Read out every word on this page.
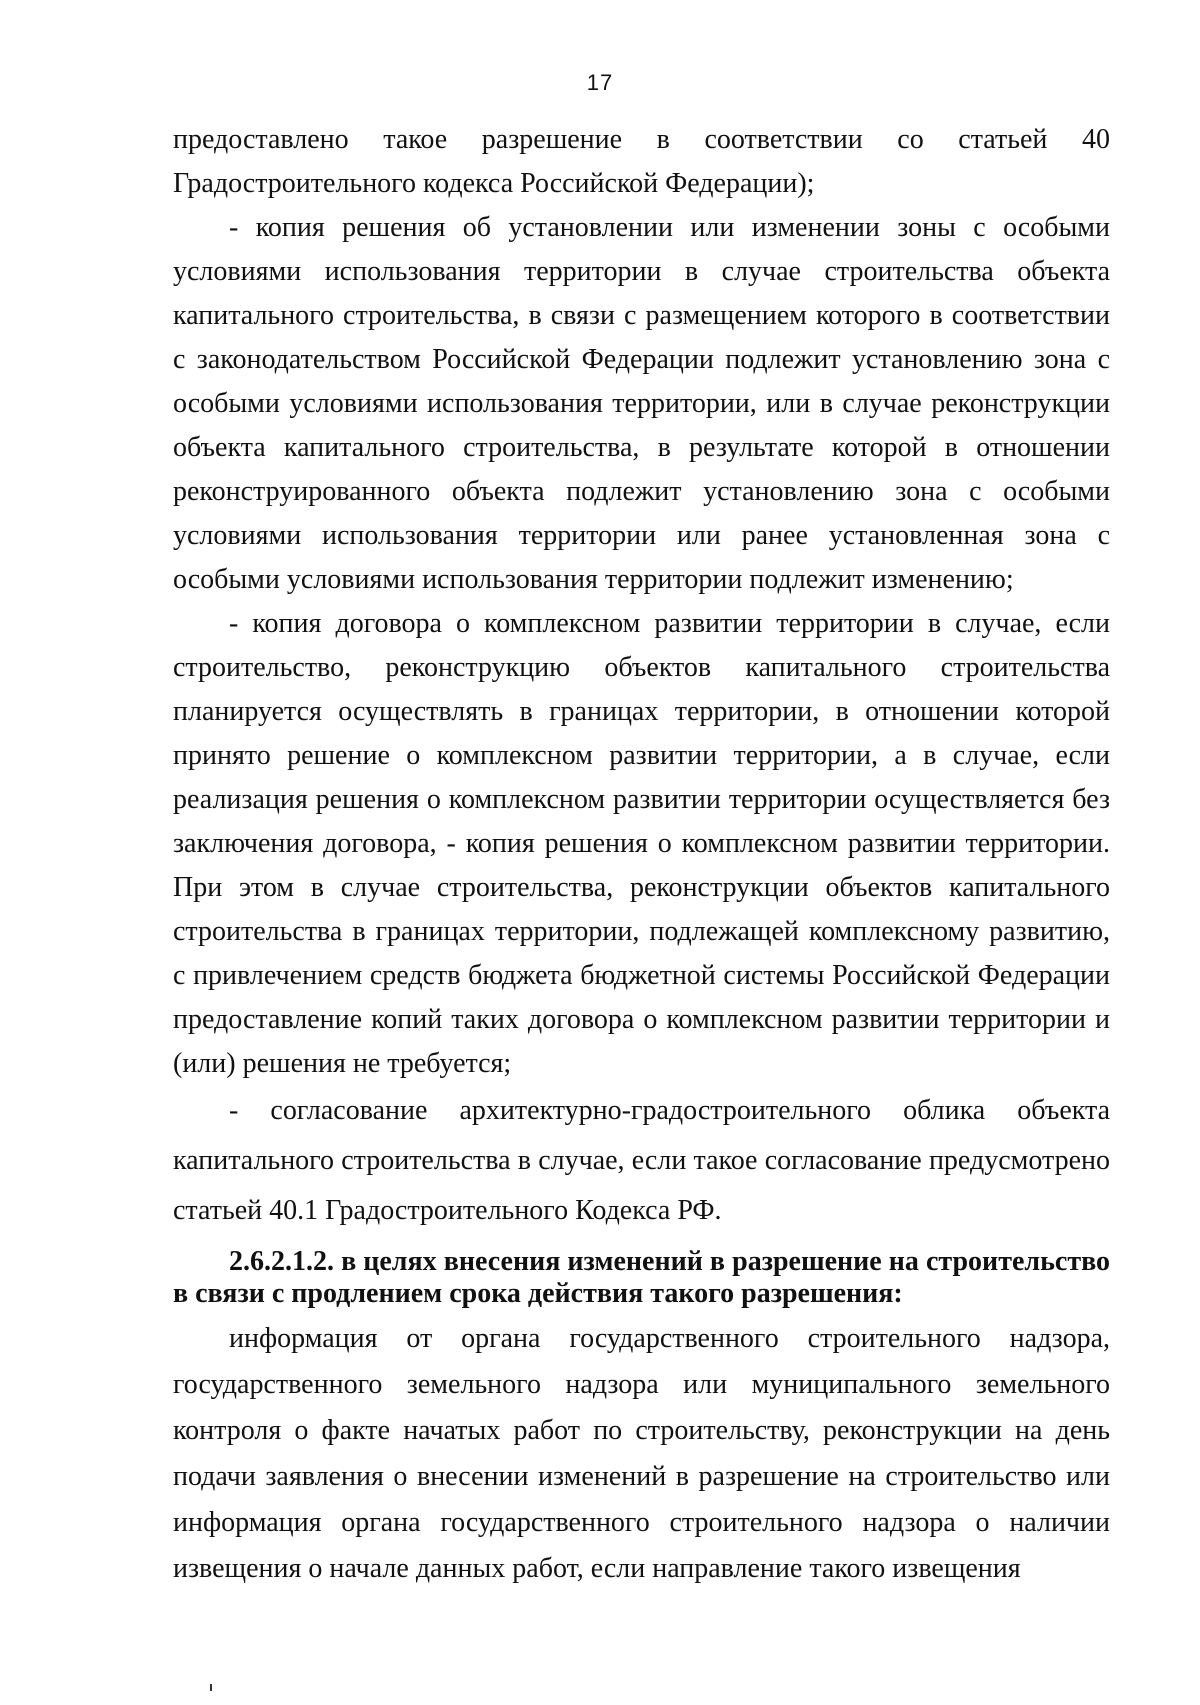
17

предоставлено такое разрешение в соответствии со статьей 40 Градостроительного кодекса Российской Федерации);

- копия решения об установлении или изменении зоны с особыми условиями использования территории в случае строительства объекта капитального строительства, в связи с размещением которого в соответствии с законодательством Российской Федерации подлежит установлению зона с особыми условиями использования территории, или в случае реконструкции объекта капитального строительства, в результате которой в отношении реконструированного объекта подлежит установлению зона с особыми условиями использования территории или ранее установленная зона с особыми условиями использования территории подлежит изменению;

- копия договора о комплексном развитии территории в случае, если строительство, реконструкцию объектов капитального строительства планируется осуществлять в границах территории, в отношении которой принято решение о комплексном развитии территории, а в случае, если реализация решения о комплексном развитии территории осуществляется без заключения договора, - копия решения о комплексном развитии территории. При этом в случае строительства, реконструкции объектов капитального строительства в границах территории, подлежащей комплексному развитию, с привлечением средств бюджета бюджетной системы Российской Федерации предоставление копий таких договора о комплексном развитии территории и (или) решения не требуется;

- согласование архитектурно-градостроительного облика объекта капитального строительства в случае, если такое согласование предусмотрено статьей 40.1 Градостроительного Кодекса РФ.

2.6.2.1.2. в целях внесения изменений в разрешение на строительство в связи с продлением срока действия такого разрешения:

информация от органа государственного строительного надзора, государственного земельного надзора или муниципального земельного контроля о факте начатых работ по строительству, реконструкции на день подачи заявления о внесении изменений в разрешение на строительство или информация органа государственного строительного надзора о наличии извещения о начале данных работ, если направление такого извещения
